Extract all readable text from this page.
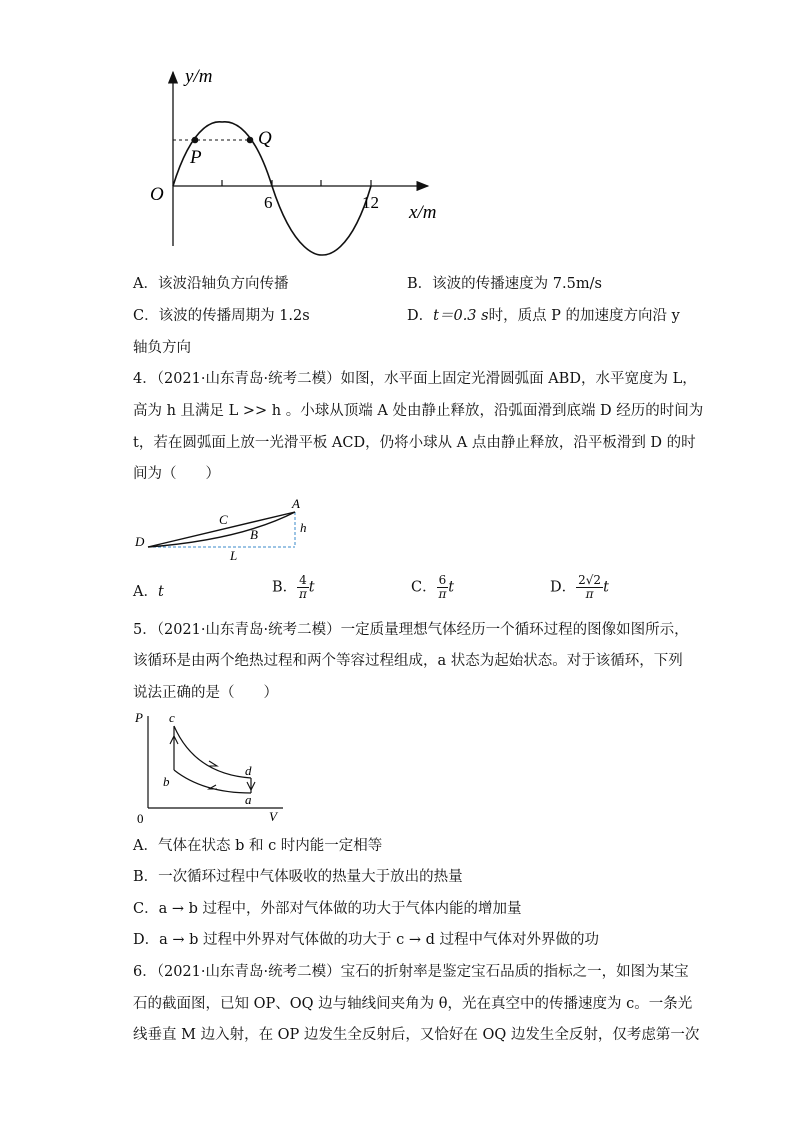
y/m
x/m
O	6	12
P
Q
A．该波沿轴负方向传播	B．该波的传播速度为 7.5m/s
C．该波的传播周期为 1.2s	D．t＝0.3 s时，质点 P 的加速度方向沿 y
轴负方向
4．（2021·山东青岛·统考二模）如图，水平面上固定光滑圆弧面 ABD，水平宽度为 L，
高为 h 且满足 L >> h 。小球从顶端 A 处由静止释放，沿弧面滑到底端 D 经历的时间为
t，若在圆弧面上放一光滑平板 ACD，仍将小球从 A 点由静止释放，沿平板滑到 D 的时
间为（　　）
A
C
B
D
h
L
A．t	B． $\frac{4}{\pi}$ t	C． $\frac{6}{\pi}$ t	D． $\frac{2√2}{\pi}$ t
5．（2021·山东青岛·统考二模）一定质量理想气体经历一个循环过程的图像如图所示，
该循环是由两个绝热过程和两个等容过程组成，a 状态为起始状态。对于该循环，下列
说法正确的是（　　）
P
V
0
c
b
d
a
A．气体在状态 b 和 c 时内能一定相等
B．一次循环过程中气体吸收的热量大于放出的热量
C．a → b 过程中，外部对气体做的功大于气体内能的增加量
D．a → b 过程中外界对气体做的功大于 c → d 过程中气体对外界做的功
6．（2021·山东青岛·统考二模）宝石的折射率是鉴定宝石品质的指标之一，如图为某宝
石的截面图，已知 OP、OQ 边与轴线间夹角为 θ，光在真空中的传播速度为 c。一条光
线垂直 M 边入射，在 OP 边发生全反射后，又恰好在 OQ 边发生全反射，仅考虑第一次
